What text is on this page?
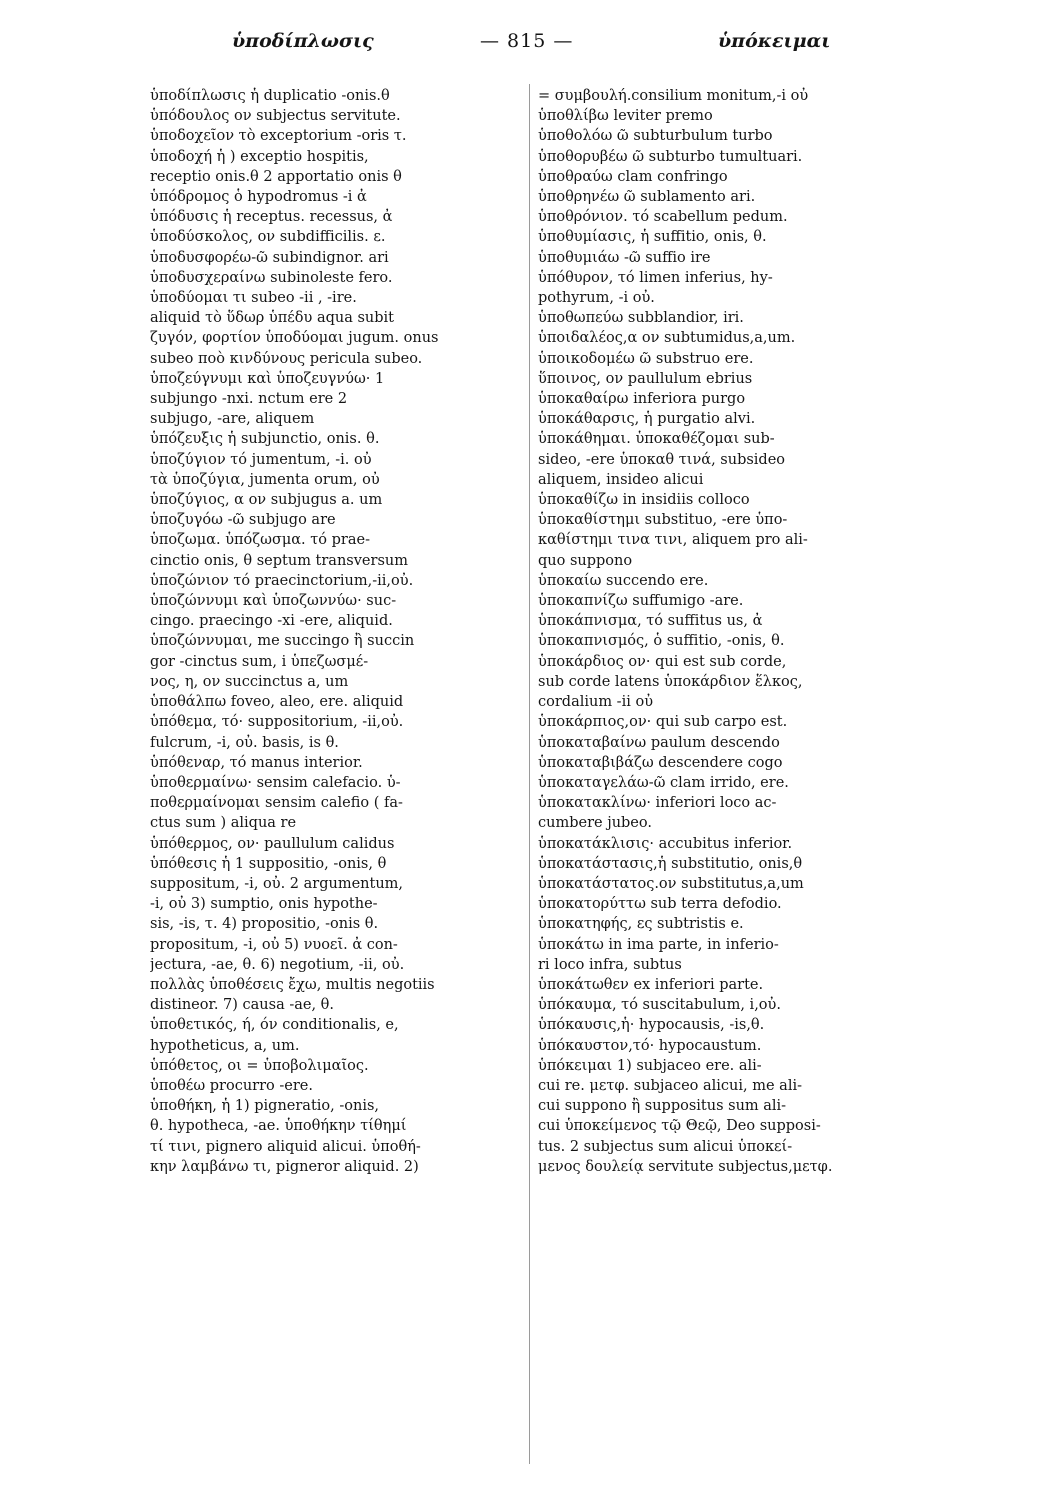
ὑποδίπλωσις	— 815 —	ὑπόκειμαι
ὑποδίπλωσις ἡ duplicatio -onis.θ
ὑπόδουλος ον subjectus servitute.
ὑποδοχεῖον τὸ exceptorium -oris τ.
ὑποδοχή ἡ ) exceptio hospitis,
receptio onis.θ 2 apportatio onis θ
ὑπόδρομος ὁ hypodromus -i ἀ
ὑπόδυσις ἡ receptus. recessus, ἀ
ὑποδύσκολος, ον subdifficilis. ε.
ὑποδυσφορέω-ῶ subindignor. ari
ὑποδυσχεραίνω subinoleste fero.
ὑποδύομαι τι subeo -ii , -ire.
aliquid τὸ ὕδωρ ὑπέδυ aqua subit
ζυγόν, φορτίον ὑποδύομαι jugum. onus
subeo ποὸ κινδύνους pericula subeo.
ὑποζεύγνυμι καὶ ὑποζευγνύω· 1
subjungo -nxi. nctum ere 2
subjugo, -are, aliquem
ὑπόζευξις ἡ subjunctio, onis. θ.
ὑποζύγιον τό jumentum, -i. οὐ
τὰ ὑποζύγια, jumenta orum, οὐ
ὑποζύγιος, α ον subjugus a. um
ὑποζυγόω -ῶ subjugo are
ὑποζωμα. ὑπόζωσμα. τό prae-
cinctio onis, θ septum transversum
ὑποζώνιον τό praecinctorium,-ii,οὐ.
ὑποζώννυμι καὶ ὑποζωννύω· suc-
cingo. praecingo -xi -ere, aliquid.
ὑποζώννυμαι, me succingo ἢ succin
gor -cinctus sum, i ὑπεζωσμέ-
νος, η, ον succinctus a, um
ὑποθάλπω foveo, aleo, ere. aliquid
ὑπόθεμα, τό· suppositorium, -ii,οὐ.
fulcrum, -i, οὐ. basis, is θ.
ὑπόθεναρ, τό manus interior.
ὑποθερμαίνω· sensim calefacio. ὑ-
ποθερμαίνομαι sensim calefio ( fa-
ctus sum ) aliqua re
ὑπόθερμος, ον· paullulum calidus
ὑπόθεσις ἡ 1 suppositio, -onis, θ
suppositum, -i, οὐ. 2 argumentum,
-i, οὐ 3) sumptio, onis hypothe-
sis, -is, τ. 4) propositio, -onis θ.
propositum, -i, οὐ 5) νυοεῖ. ἀ con-
jectura, -ae, θ. 6) negotium, -ii, οὐ.
πολλὰς ὑποθέσεις ἔχω, multis negotiis
distineor. 7) causa -ae, θ.
ὑποθετικός, ή, όν conditionalis, e,
hypotheticus, a, um.
ὑπόθετος, οι = ὑποβολιμαῖος.
ὑποθέω procurro -ere.
ὑποθήκη, ἡ 1) pigneratio, -onis,
θ. hypotheca, -ae. ὑποθήκην τίθημί
τί τινι, pignero aliquid alicui. ὑποθή-
κην λαμβάνω τι, pigneror aliquid. 2)
= συμβουλή.consilium monitum,-i οὐ
ὑποθλίβω leviter premo
ὑποθολόω ῶ subturbulum turbo
ὑποθορυβέω ῶ subturbo tumultuari.
ὑποθραύω clam confringo
ὑποθρηνέω ῶ sublamento ari.
ὑποθρόνιον. τό scabellum pedum.
ὑποθυμίασις, ἡ suffitio, onis, θ.
ὑποθυμιάω -ῶ suffio ire
ὑπόθυρον, τό limen inferius, hy-
pothyrum, -i οὐ.
ὑποθωπεύω subblandior, iri.
ὑποιδαλέος,α ον subtumidus,a,um.
ὑποικοδομέω ῶ substruo ere.
ὕποινος, ον paullulum ebrius
ὑποκαθαίρω inferiora purgo
ὑποκάθαρσις, ἡ purgatio alvi.
ὑποκάθημαι. ὑποκαθέζομαι sub-
sideo, -ere ὑποκαθ τινά, subsideo
aliquem, insideo alicui
ὑποκαθίζω in insidiis colloco
ὑποκαθίστημι substituo, -ere ὑπο-
καθίστημι τινα τινι, aliquem pro ali-
quo suppono
ὑποκαίω succendo ere.
ὑποκαπνίζω suffumigo -are.
ὑποκάπνισμα, τό suffitus us, ἀ
ὑποκαπνισμός, ὁ suffitio, -onis, θ.
ὑποκάρδιος ον· qui est sub corde,
sub corde latens ὑποκάρδιον ἕλκος,
cordalium -ii οὐ
ὑποκάρπιος,ον· qui sub carpo est.
ὑποκαταβαίνω paulum descendo
ὑποκαταβιβάζω descendere cogo
ὑποκαταγελάω-ῶ clam irrido, ere.
ὑποκατακλίνω· inferiori loco ac-
cumbere jubeo.
ὑποκατάκλισις· accubitus inferior.
ὑποκατάστασις,ἡ substitutio, onis,θ
ὑποκατάστατος.ον substitutus,a,um
ὑποκατορύττω sub terra defodio.
ὑποκατηφής, ες subtristis e.
ὑποκάτω in ima parte, in inferio-
ri loco infra, subtus
ὑποκάτωθεν ex inferiori parte.
ὑπόκαυμα, τό suscitabulum, i,οὐ.
ὑπόκαυσις,ἡ· hypocausis, -is,θ.
ὑπόκαυστον,τό· hypocaustum.
ὑπόκειμαι 1) subjaceo ere. ali-
cui re. μετφ. subjaceo alicui, me ali-
cui suppono ἢ suppositus sum ali-
cui ὑποκείμενος τῷ Θεῷ, Deo supposi-
tus. 2 subjectus sum alicui ὑποκεί-
μενος δουλείᾳ servitute subjectus,μετφ.
